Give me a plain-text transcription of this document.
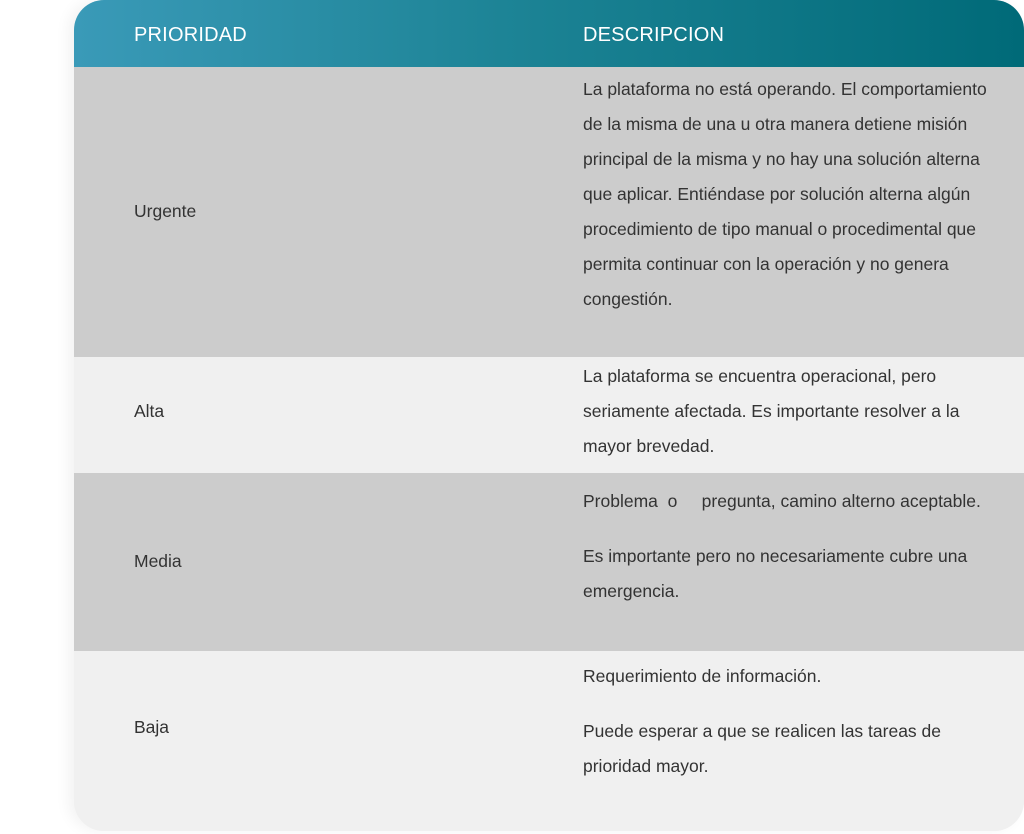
PRIORIDAD	DESCRIPCION
Urgente

La plataforma no está operando. El comportamiento de la misma de una u otra manera detiene misión principal de la misma y no hay una solución alterna que aplicar. Entiéndase por solución alterna algún procedimiento de tipo manual o procedimental que permita continuar con la operación y no genera congestión.

Alta

La plataforma se encuentra operacional, pero seriamente afectada. Es importante resolver a la mayor brevedad.

Media

Problema  o     pregunta, camino alterno aceptable.

Es importante pero no necesariamente cubre una emergencia.

Baja

Requerimiento de información.

Puede esperar a que se realicen las tareas de prioridad mayor.
